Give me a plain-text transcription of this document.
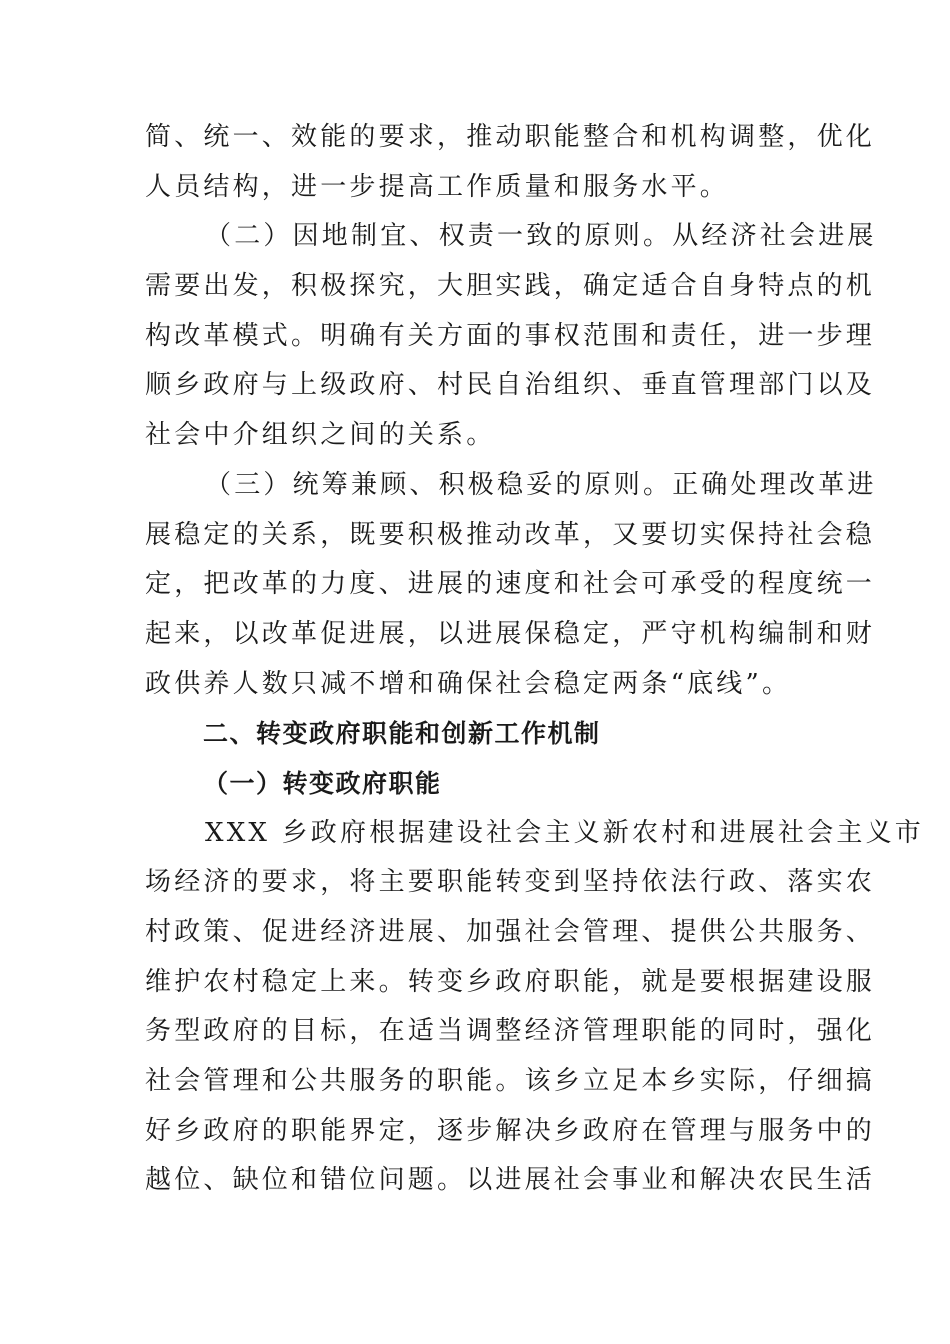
简、统一、效能的要求，推动职能整合和机构调整，优化
人员结构，进一步提高工作质量和服务水平。
（二）因地制宜、权责一致的原则。从经济社会进展
需要出发，积极探究，大胆实践，确定适合自身特点的机
构改革模式。明确有关方面的事权范围和责任，进一步理
顺乡政府与上级政府、村民自治组织、垂直管理部门以及
社会中介组织之间的关系。
（三）统筹兼顾、积极稳妥的原则。正确处理改革进
展稳定的关系，既要积极推动改革，又要切实保持社会稳
定，把改革的力度、进展的速度和社会可承受的程度统一
起来，以改革促进展，以进展保稳定，严守机构编制和财
政供养人数只减不增和确保社会稳定两条“底线”。
二、转变政府职能和创新工作机制
（一）转变政府职能
XXX 乡政府根据建设社会主义新农村和进展社会主义市
场经济的要求，将主要职能转变到坚持依法行政、落实农
村政策、促进经济进展、加强社会管理、提供公共服务、
维护农村稳定上来。转变乡政府职能，就是要根据建设服
务型政府的目标，在适当调整经济管理职能的同时，强化
社会管理和公共服务的职能。该乡立足本乡实际，仔细搞
好乡政府的职能界定，逐步解决乡政府在管理与服务中的
越位、缺位和错位问题。以进展社会事业和解决农民生活
